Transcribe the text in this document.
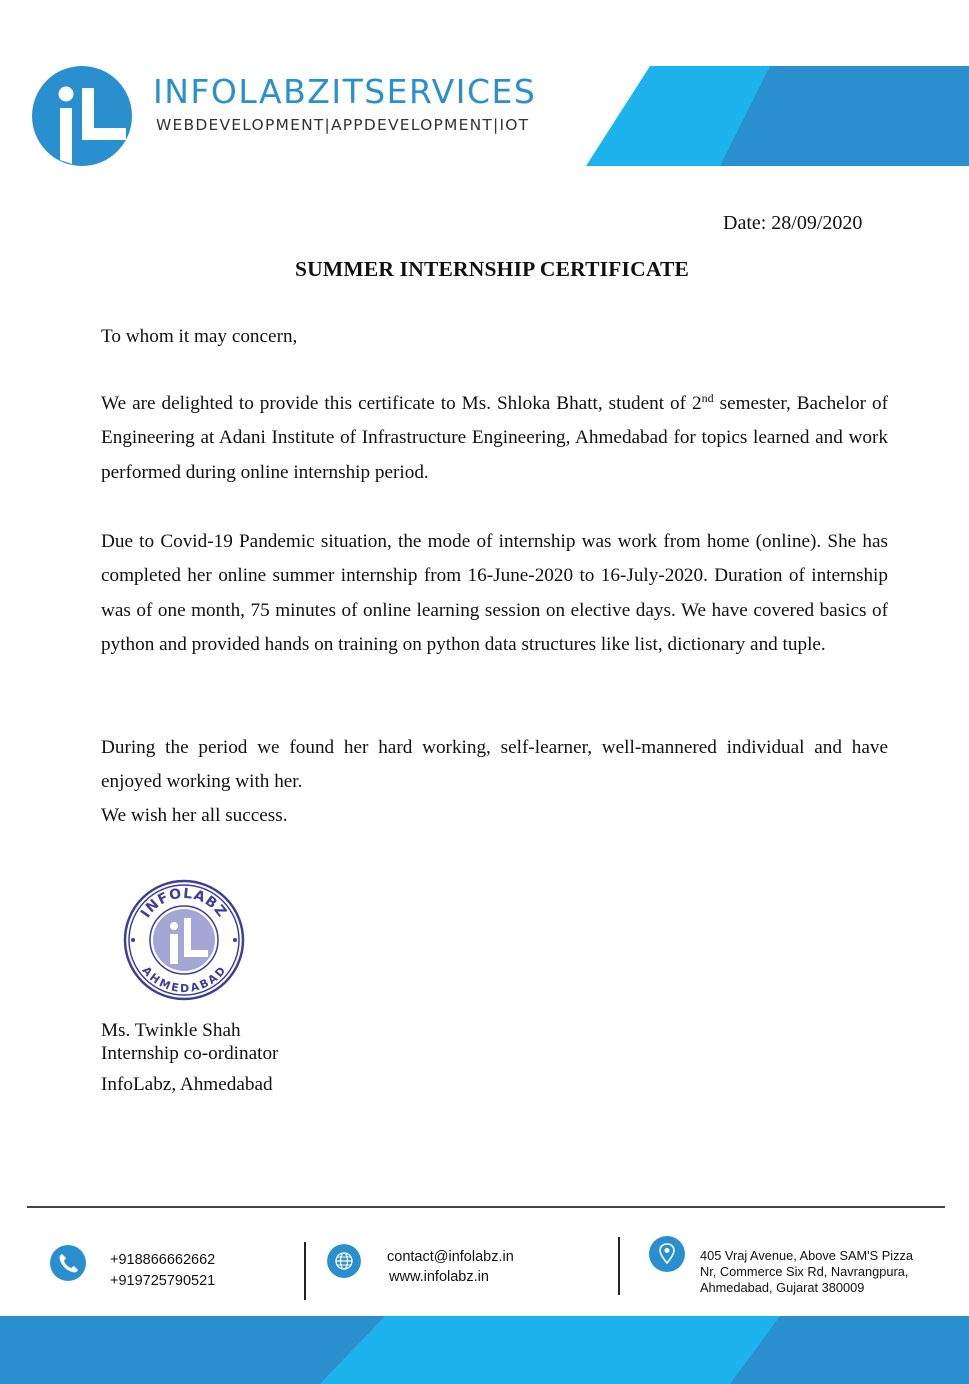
INFOLABZITSERVICES
WEBDEVELOPMENT|APPDEVELOPMENT|IOT
Date: 28/09/2020
SUMMER INTERNSHIP CERTIFICATE
To whom it may concern,
We are delighted to provide this certificate to Ms. Shloka Bhatt, student of 2nd semester, Bachelor of Engineering at Adani Institute of Infrastructure Engineering, Ahmedabad for topics learned and work performed during online internship period.
Due to Covid-19 Pandemic situation, the mode of internship was work from home (online). She has completed her online summer internship from 16-June-2020 to 16-July-2020. Duration of internship was of one month, 75 minutes of online learning session on elective days. We have covered basics of python and provided hands on training on python data structures like list, dictionary and tuple.
During the period we found her hard working, self-learner, well-mannered individual and have enjoyed working with her.
We wish her all success.
INFOLABZ
AHMEDABAD
Ms. Twinkle Shah
Internship co-ordinator
InfoLabz, Ahmedabad
+918866662662
+919725790521
contact@infolabz.in
www.infolabz.in
405 Vraj Avenue, Above SAM'S Pizza
Nr, Commerce Six Rd, Navrangpura,
Ahmedabad, Gujarat 380009
